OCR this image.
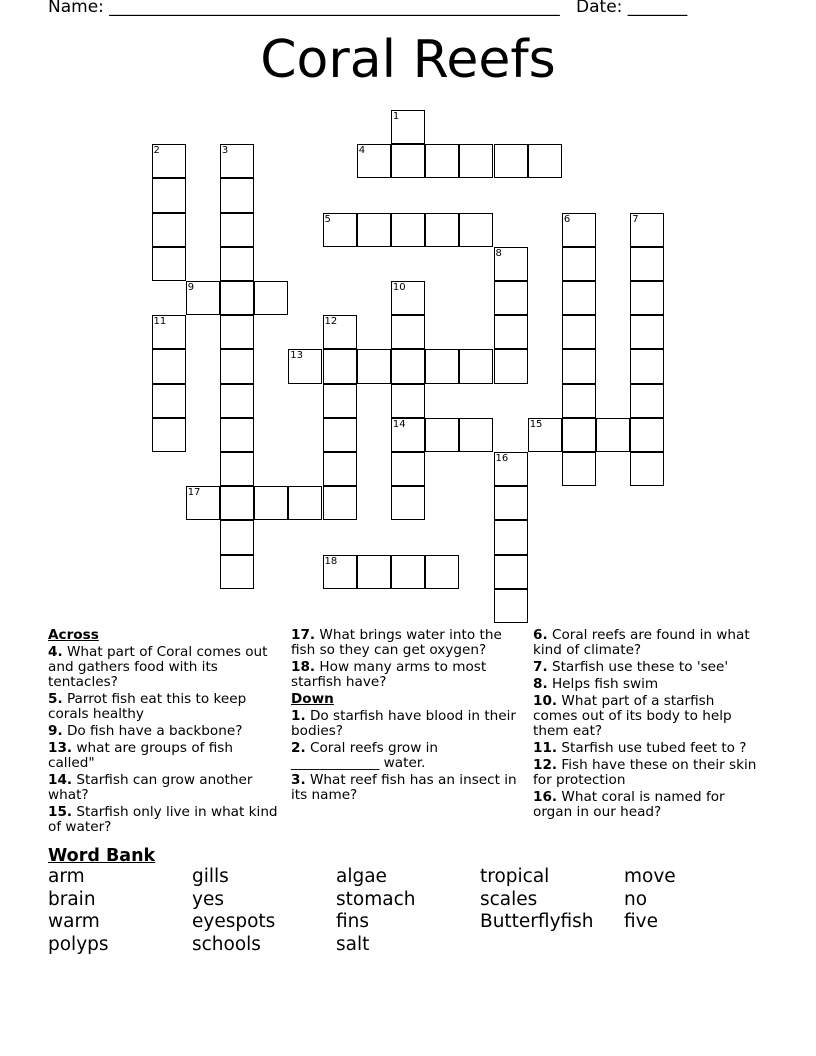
Name: _____________________________________________________ Date: _______
Coral Reefs
1
2	3	4
5	6	7
8
9	10
11	12
13
14	15
16
17
18
Across
4. What part of Coral comes out and gathers food with its tentacles?
5. Parrot fish eat this to keep corals healthy
9. Do fish have a backbone?
13. what are groups of fish called"
14. Starfish can grow another what?
15. Starfish only live in what kind of water?
17. What brings water into the fish so they can get oxygen?
18. How many arms to most starfish have?
Down
1. Do starfish have blood in their bodies?
2. Coral reefs grow in _____________ water.
3. What reef fish has an insect in its name?
6. Coral reefs are found in what kind of climate?
7. Starfish use these to 'see'
8. Helps fish swim
10. What part of a starfish comes out of its body to help them eat?
11. Starfish use tubed feet to ?
12. Fish have these on their skin for protection
16. What coral is named for organ in our head?
Word Bank
arm	gills	algae	tropical	move
brain	yes	stomach	scales	no
warm	eyespots	fins	Butterflyfish five
polyps	schools	salt
